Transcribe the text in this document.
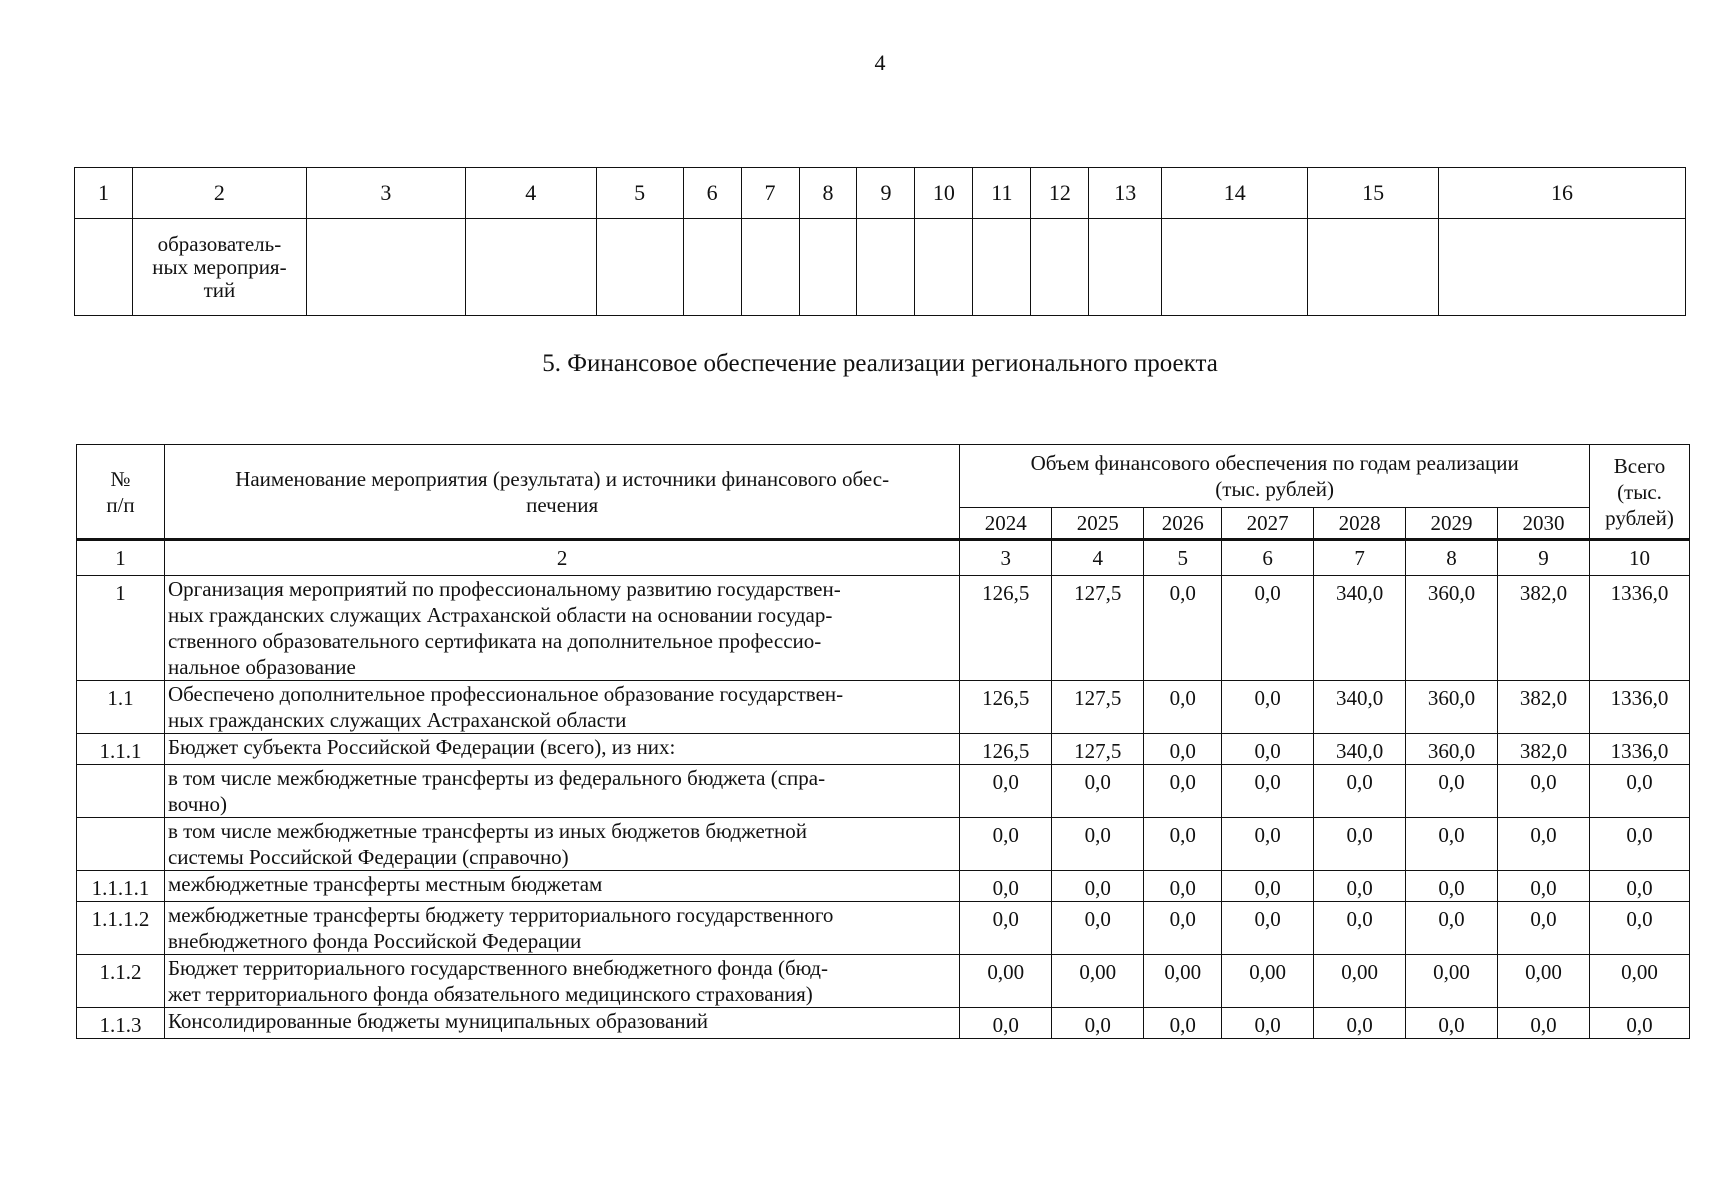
4
1	2	3	4	5	6	7	8	9	10	11	12	13	14	15	16
	образователь-
ных мероприя-
тий														
5. Финансовое обеспечение реализации регионального проекта
№
п/п	Наименование мероприятия (результата) и источники финансового обес-
печения	Объем финансового обеспечения по годам реализации
(тыс. рублей)							Всего
(тыс.
рублей)
		2024	2025	2026	2027	2028	2029	2030	
1	2	3	4	5	6	7	8	9	10
1	Организация мероприятий по профессиональному развитию государствен-
ных гражданских служащих Астраханской области на основании государ-
ственного образовательного сертификата на дополнительное профессио-
нальное образование	126,5	127,5	0,0	0,0	340,0	360,0	382,0	1336,0
1.1	Обеспечено дополнительное профессиональное образование государствен-
ных гражданских служащих Астраханской области	126,5	127,5	0,0	0,0	340,0	360,0	382,0	1336,0
1.1.1	Бюджет субъекта Российской Федерации (всего), из них:	126,5	127,5	0,0	0,0	340,0	360,0	382,0	1336,0
	в том числе межбюджетные трансферты из федерального бюджета (спра-
вочно)	0,0	0,0	0,0	0,0	0,0	0,0	0,0	0,0
	в том числе межбюджетные трансферты из иных бюджетов бюджетной
системы Российской Федерации (справочно)	0,0	0,0	0,0	0,0	0,0	0,0	0,0	0,0
1.1.1.1	межбюджетные трансферты местным бюджетам	0,0	0,0	0,0	0,0	0,0	0,0	0,0	0,0
1.1.1.2	межбюджетные трансферты бюджету территориального государственного
внебюджетного фонда Российской Федерации	0,0	0,0	0,0	0,0	0,0	0,0	0,0	0,0
1.1.2	Бюджет территориального государственного внебюджетного фонда (бюд-
жет территориального фонда обязательного медицинского страхования)	0,00	0,00	0,00	0,00	0,00	0,00	0,00	0,00
1.1.3	Консолидированные бюджеты муниципальных образований	0,0	0,0	0,0	0,0	0,0	0,0	0,0	0,0
